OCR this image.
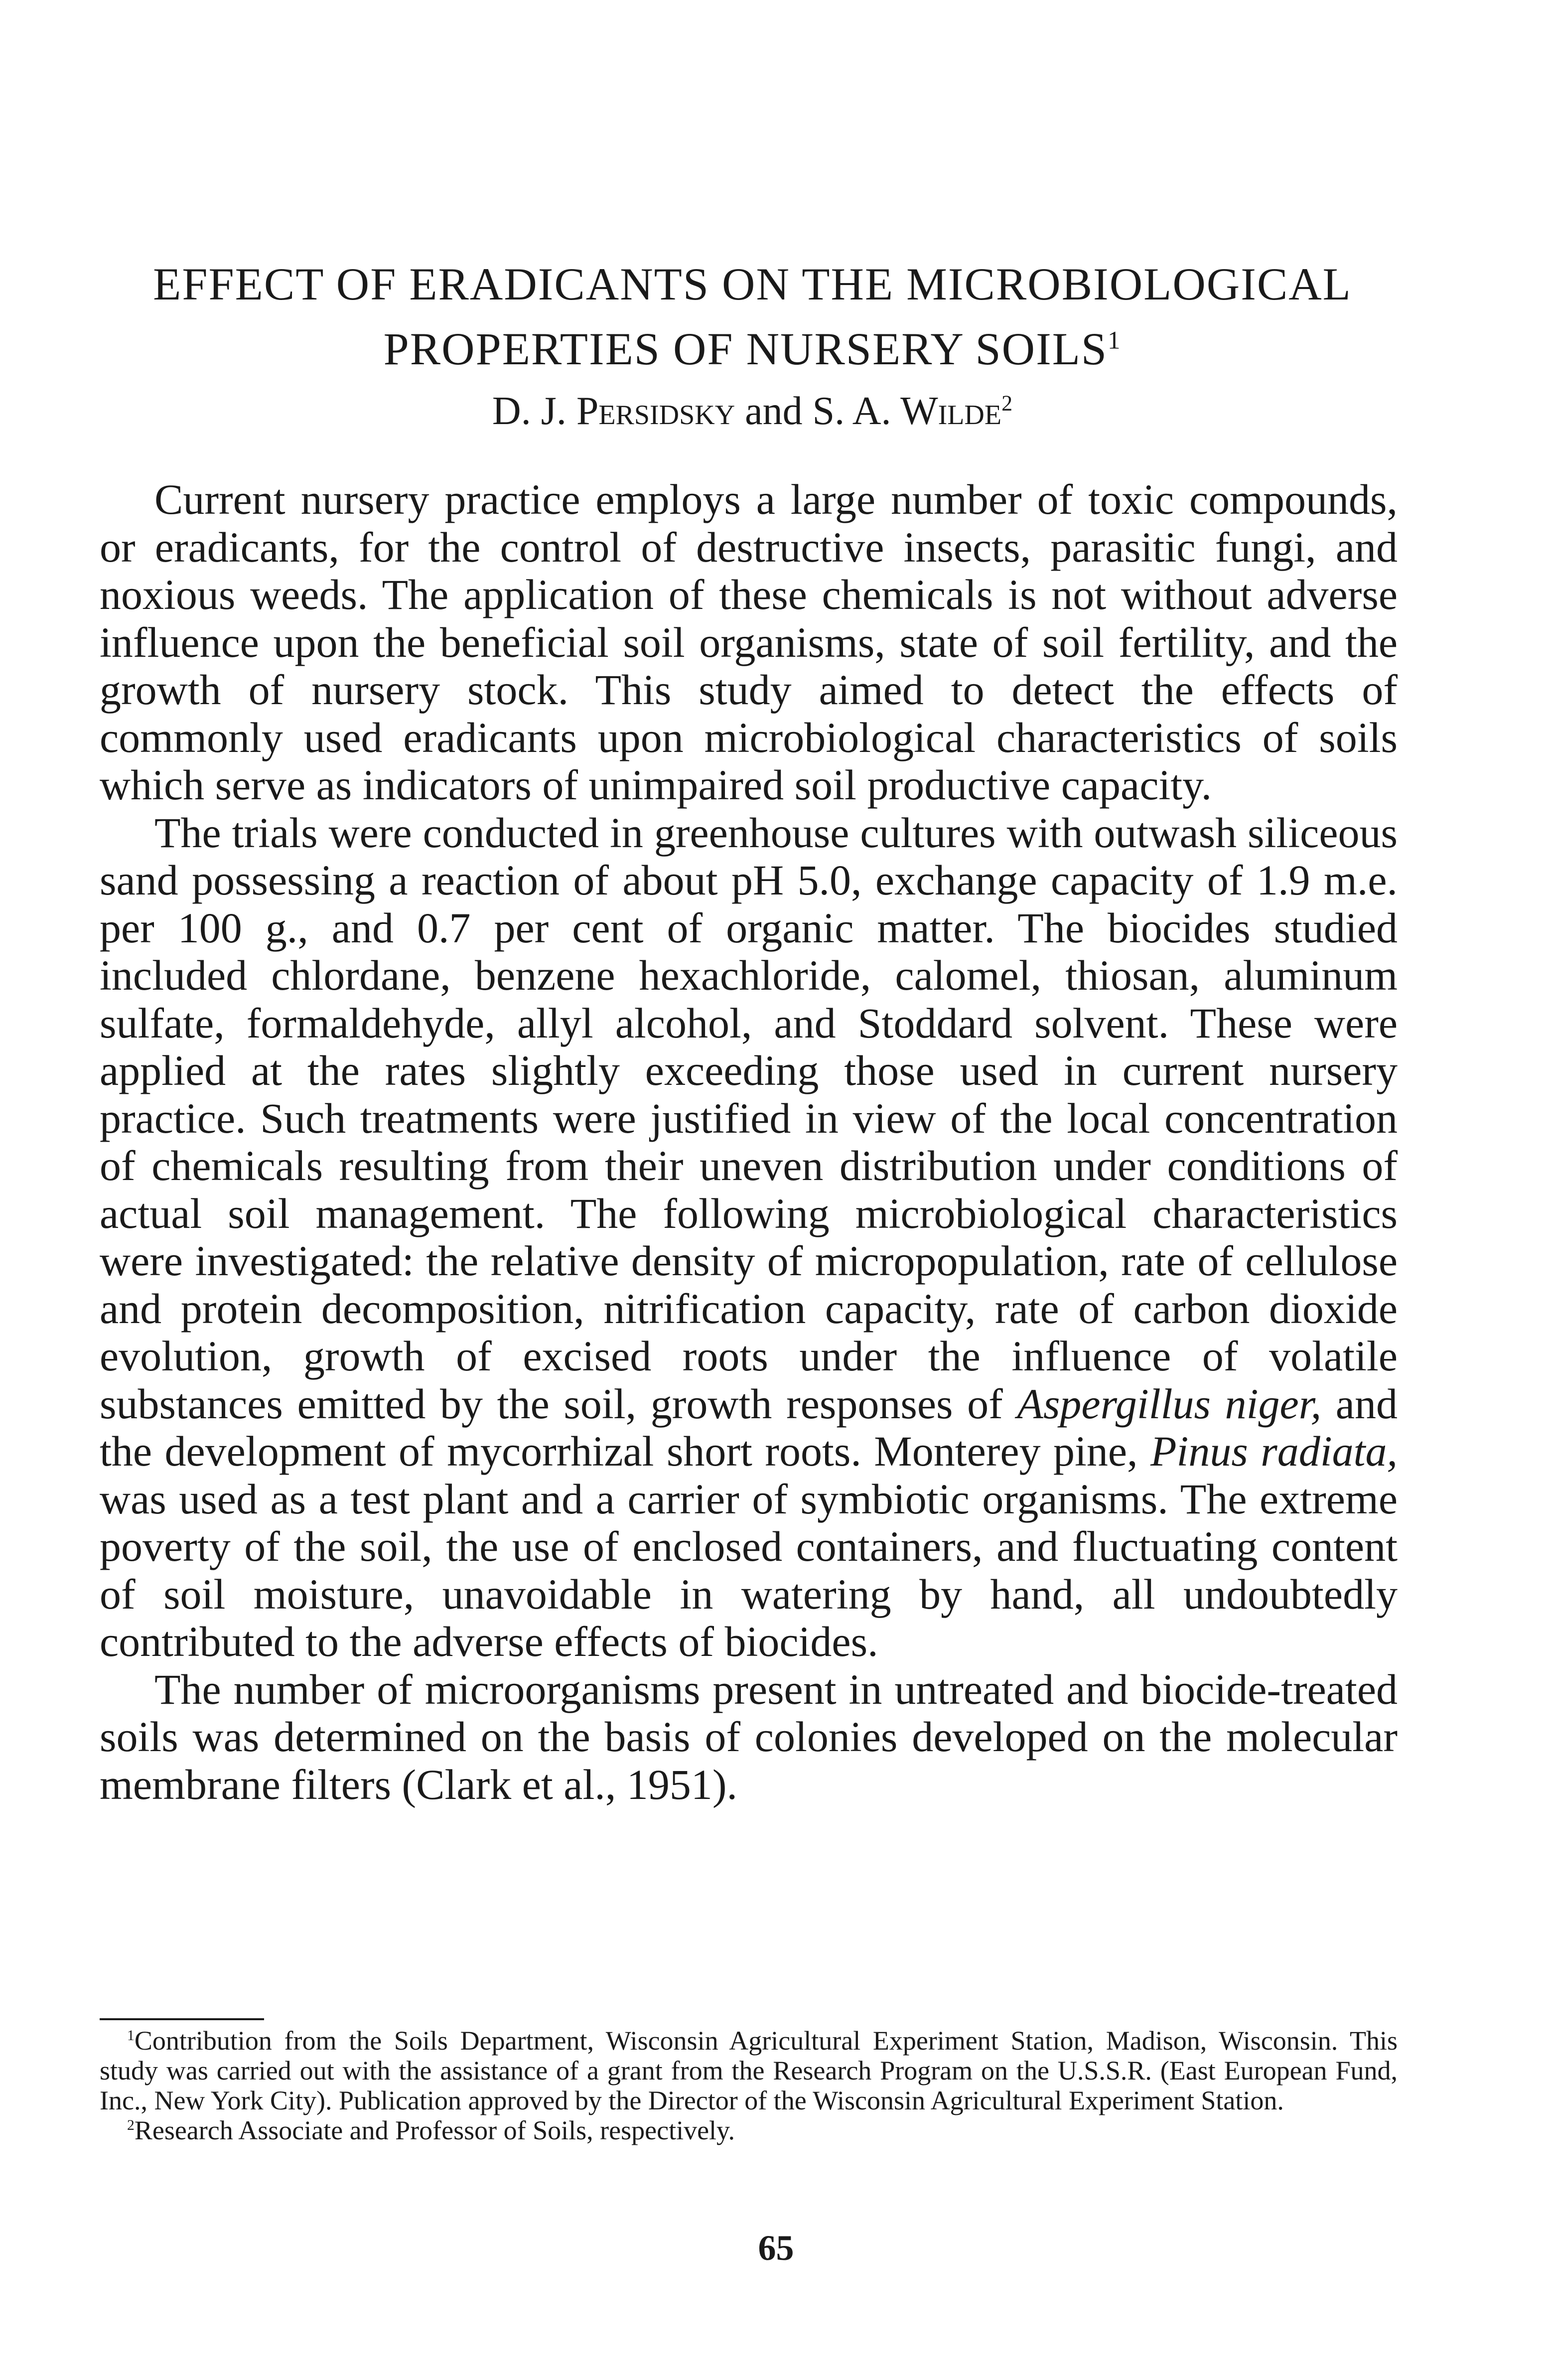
EFFECT OF ERADICANTS ON THE MICROBIOLOGICAL
PROPERTIES OF NURSERY SOILS$^1$
D. J. Persidsky and S. A. Wilde$^2$

Current nursery practice employs a large number of toxic compounds, or eradicants, for the control of destructive insects, parasitic fungi, and noxious weeds. The application of these chemicals is not without adverse influence upon the beneficial soil organisms, state of soil fertility, and the growth of nursery stock. This study aimed to detect the effects of commonly used eradicants upon microbiological characteristics of soils which serve as indicators of unimpaired soil productive capacity.

The trials were conducted in greenhouse cultures with outwash siliceous sand possessing a reaction of about pH 5.0, exchange capacity of 1.9 m.e. per 100 g., and 0.7 per cent of organic matter. The biocides studied included chlordane, benzene hexachloride, calomel, thiosan, aluminum sulfate, formaldehyde, allyl alcohol, and Stoddard solvent. These were applied at the rates slightly exceeding those used in current nursery practice. Such treatments were justified in view of the local concentration of chemicals resulting from their uneven distribution under conditions of actual soil management. The following microbiological characteristics were investigated: the relative density of micropopulation, rate of cellulose and protein decomposition, nitrification capacity, rate of carbon dioxide evolution, growth of excised roots under the influence of volatile substances emitted by the soil, growth responses of Aspergillus niger, and the development of mycorrhizal short roots. Monterey pine, Pinus radiata, was used as a test plant and a carrier of symbiotic organisms. The extreme poverty of the soil, the use of enclosed containers, and fluctuating content of soil moisture, unavoidable in watering by hand, all undoubtedly contributed to the adverse effects of biocides.

The number of microorganisms present in untreated and biocide-treated soils was determined on the basis of colonies developed on the molecular membrane filters (Clark et al., 1951).

$^1$Contribution from the Soils Department, Wisconsin Agricultural Experiment Station, Madison, Wisconsin. This study was carried out with the assistance of a grant from the Research Program on the U.S.S.R. (East European Fund, Inc., New York City). Publication approved by the Director of the Wisconsin Agricultural Experiment Station.

$^2$Research Associate and Professor of Soils, respectively.

65
